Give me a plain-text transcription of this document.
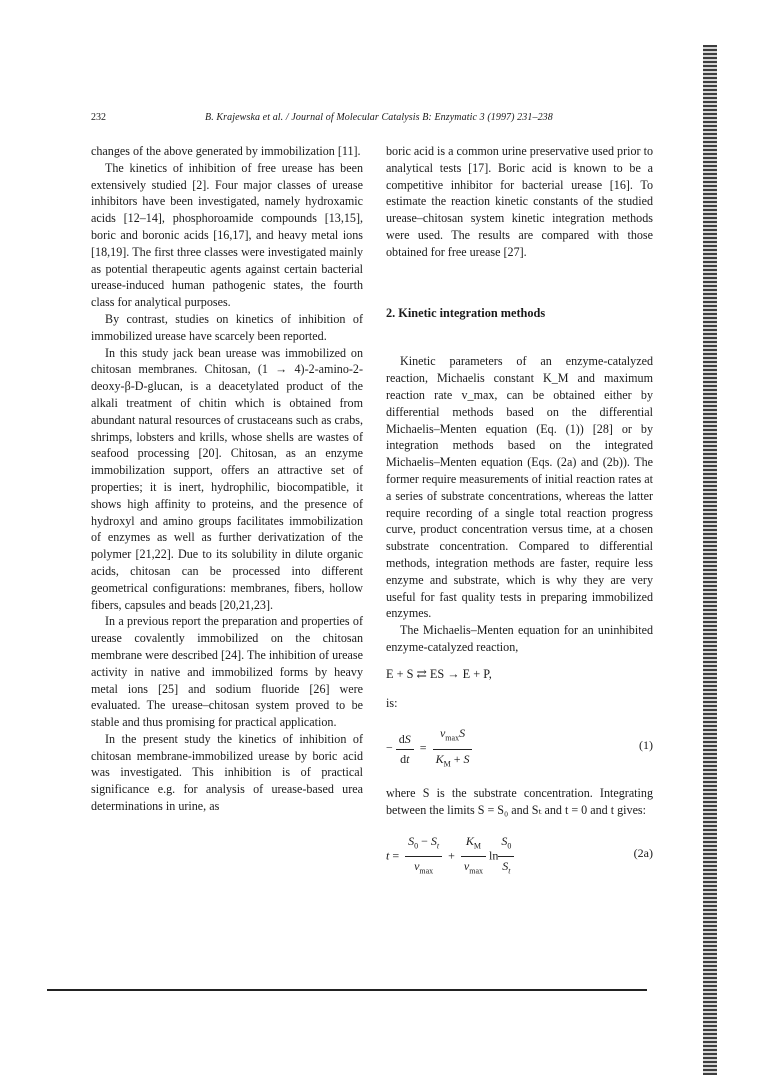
232	B. Krajewska et al. / Journal of Molecular Catalysis B: Enzymatic 3 (1997) 231–238

changes of the above generated by immobilization [11].

The kinetics of inhibition of free urease has been extensively studied [2]. Four major classes of urease inhibitors have been investigated, namely hydroxamic acids [12–14], phosphoroamide compounds [13,15], boric and boronic acids [16,17], and heavy metal ions [18,19]. The first three classes were investigated mainly as potential therapeutic agents against certain bacterial urease-induced human pathogenic states, the fourth class for analytical purposes.

By contrast, studies on kinetics of inhibition of immobilized urease have scarcely been reported.

In this study jack bean urease was immobilized on chitosan membranes. Chitosan, (1 → 4)-2-amino-2-deoxy-β-D-glucan, is a deacetylated product of the alkali treatment of chitin which is obtained from abundant natural resources of crustaceans such as crabs, shrimps, lobsters and krills, whose shells are wastes of seafood processing [20]. Chitosan, as an enzyme immobilization support, offers an attractive set of properties; it is inert, hydrophilic, biocompatible, it shows high affinity to proteins, and the presence of hydroxyl and amino groups facilitates immobilization of enzymes as well as further derivatization of the polymer [21,22]. Due to its solubility in dilute organic acids, chitosan can be processed into different geometrical configurations: membranes, fibers, hollow fibers, capsules and beads [20,21,23].

In a previous report the preparation and properties of urease covalently immobilized on the chitosan membrane were described [24]. The inhibition of urease activity in native and immobilized forms by heavy metal ions [25] and sodium fluoride [26] were evaluated. The urease–chitosan system proved to be stable and thus promising for practical application.

In the present study the kinetics of inhibition of chitosan membrane-immobilized urease by boric acid was investigated. This inhibition is of practical significance e.g. for analysis of urease-based urea determinations in urine, as

boric acid is a common urine preservative used prior to analytical tests [17]. Boric acid is known to be a competitive inhibitor for bacterial urease [16]. To estimate the reaction kinetic constants of the studied urease–chitosan system kinetic integration methods were used. The results are compared with those obtained for free urease [27].

2. Kinetic integration methods

Kinetic parameters of an enzyme-catalyzed reaction, Michaelis constant K_M and maximum reaction rate v_max, can be obtained either by differential methods based on the differential Michaelis–Menten equation (Eq. (1)) [28] or by integration methods based on the integrated Michaelis–Menten equation (Eqs. (2a) and (2b)). The former require measurements of initial reaction rates at a series of substrate concentrations, whereas the latter require recording of a single total reaction progress curve, product concentration versus time, at a chosen substrate concentration. Compared to differential methods, integration methods are faster, require less enzyme and substrate, which is why they are very useful for fast quality tests in preparing immobilized enzymes.

The Michaelis–Menten equation for an uninhibited enzyme-catalyzed reaction,

E + S ⇄ ES → E + P,

is:

− $\frac{dS}{dt} = \frac{v_{max}S}{K_M + S}$	(1)

where S is the substrate concentration. Integrating between the limits S = S₀ and Sₜ and t = 0 and t gives:

$t = \frac{S_0 - S_t}{v_{max}} + \frac{K_M}{v_{max}}$ $\ln \frac{S_0}{S_t}$	(2a)
